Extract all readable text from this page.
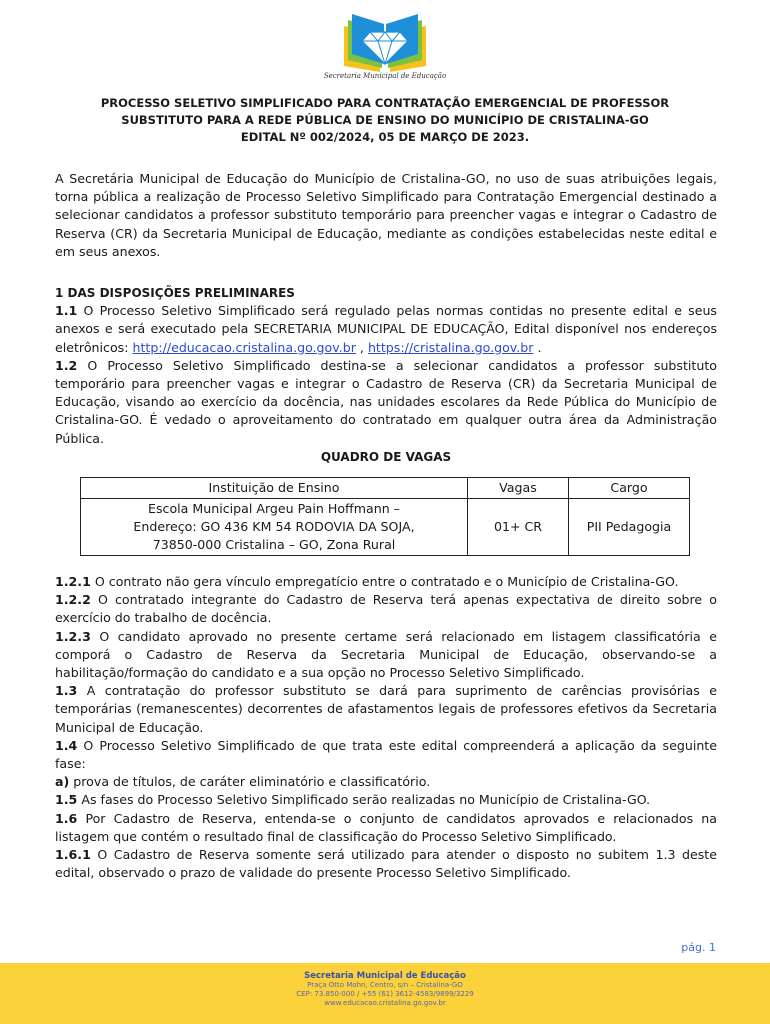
Secretaria Municipal de Educação
PROCESSO SELETIVO SIMPLIFICADO PARA CONTRATAÇÃO EMERGENCIAL DE PROFESSOR
SUBSTITUTO PARA A REDE PÚBLICA DE ENSINO DO MUNICÍPIO DE CRISTALINA-GO
EDITAL Nº 002/2024, 05 DE MARÇO DE 2023.

A Secretária Municipal de Educação do Município de Cristalina-GO, no uso de suas atribuições legais, torna pública a realização de Processo Seletivo Simplificado para Contratação Emergencial destinado a selecionar candidatos a professor substituto temporário para preencher vagas e integrar o Cadastro de Reserva (CR) da Secretaria Municipal de Educação, mediante as condições estabelecidas neste edital e em seus anexos.

1 DAS DISPOSIÇÕES PRELIMINARES

1.1 O Processo Seletivo Simplificado será regulado pelas normas contidas no presente edital e seus anexos e será executado pela SECRETARIA MUNICIPAL DE EDUCAÇÃO, Edital disponível nos endereços eletrônicos: http://educacao.cristalina.go.gov.br , https://cristalina.go.gov.br .

1.2 O Processo Seletivo Simplificado destina-se a selecionar candidatos a professor substituto temporário para preencher vagas e integrar o Cadastro de Reserva (CR) da Secretaria Municipal de Educação, visando ao exercício da docência, nas unidades escolares da Rede Pública do Município de Cristalina-GO. É vedado o aproveitamento do contratado em qualquer outra área da Administração Pública.

QUADRO DE VAGAS

Instituição de Ensino	Vagas	Cargo

Escola Municipal Argeu Pain Hoffmann –
Endereço: GO 436 KM 54 RODOVIA DA SOJA,
73850-000 Cristalina – GO, Zona Rural	01+ CR	PII Pedagogia

1.2.1 O contrato não gera vínculo empregatício entre o contratado e o Município de Cristalina-GO.

1.2.2 O contratado integrante do Cadastro de Reserva terá apenas expectativa de direito sobre o exercício do trabalho de docência.

1.2.3 O candidato aprovado no presente certame será relacionado em listagem classificatória e comporá o Cadastro de Reserva da Secretaria Municipal de Educação, observando-se a habilitação/formação do candidato e a sua opção no Processo Seletivo Simplificado.

1.3 A contratação do professor substituto se dará para suprimento de carências provisórias e temporárias (remanescentes) decorrentes de afastamentos legais de professores efetivos da Secretaria Municipal de Educação.

1.4 O Processo Seletivo Simplificado de que trata este edital compreenderá a aplicação da seguinte fase:

a) prova de títulos, de caráter eliminatório e classificatório.

1.5 As fases do Processo Seletivo Simplificado serão realizadas no Município de Cristalina-GO.

1.6 Por Cadastro de Reserva, entenda-se o conjunto de candidatos aprovados e relacionados na listagem que contém o resultado final de classificação do Processo Seletivo Simplificado.

1.6.1 O Cadastro de Reserva somente será utilizado para atender o disposto no subitem 1.3 deste edital, observado o prazo de validade do presente Processo Seletivo Simplificado.

pág. 1
Secretaria Municipal de Educação
Praça Otto Mohn, Centro, s/n – Cristalina-GO
CEP: 73.850-000 / +55 (61) 3612-4583/9899/3229
www.educacao.cristalina.go.gov.br
